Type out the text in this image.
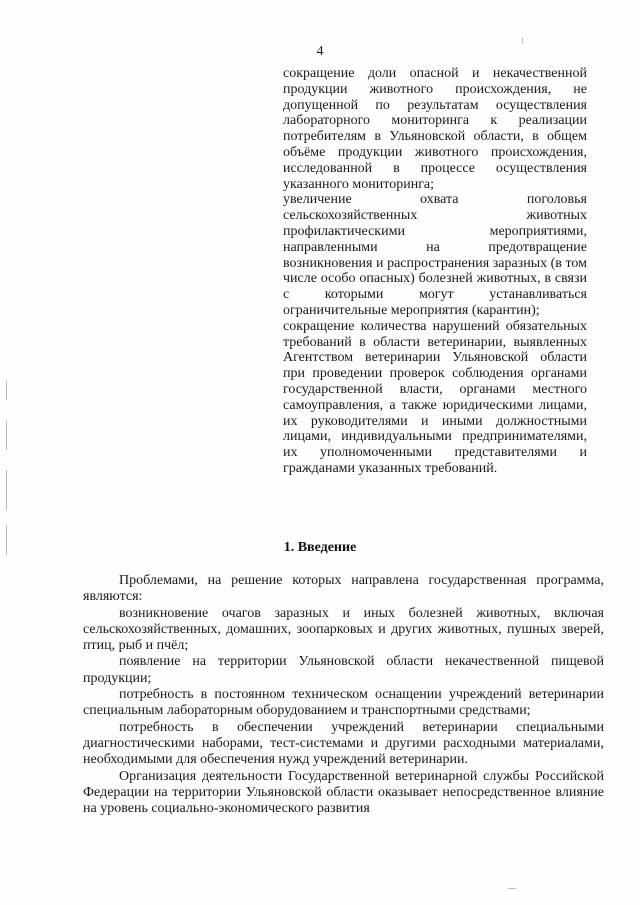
4

сокращение доли опасной и некачественной продукции животного происхождения, не допущенной по результатам осуществления лабораторного мониторинга к реализации потребителям в Ульяновской области, в общем объёме продукции животного происхождения, исследованной в процессе осуществления указанного мониторинга;

увеличение охвата поголовья сельскохозяйственных животных профилактическими мероприятиями, направленными на предотвращение возникновения и распространения заразных (в том числе особо опасных) болезней животных, в связи с которыми могут устанавливаться ограничительные мероприятия (карантин);

сокращение количества нарушений обязательных требований в области ветеринарии, выявленных Агентством ветеринарии Ульяновской области при проведении проверок соблюдения органами государственной власти, органами местного самоуправления, а также юридическими лицами, их руководителями и иными должностными лицами, индивидуальными предпринимателями, их уполномоченными представителями и гражданами указанных требований.

1. Введение

Проблемами, на решение которых направлена государственная программа, являются:

возникновение очагов заразных и иных болезней животных, включая сельскохозяйственных, домашних, зоопарковых и других животных, пушных зверей, птиц, рыб и пчёл;

появление на территории Ульяновской области некачественной пищевой продукции;

потребность в постоянном техническом оснащении учреждений ветеринарии специальным лабораторным оборудованием и транспортными средствами;

потребность в обеспечении учреждений ветеринарии специальными диагностическими наборами, тест-системами и другими расходными материалами, необходимыми для обеспечения нужд учреждений ветеринарии.

Организация деятельности Государственной ветеринарной службы Российской Федерации на территории Ульяновской области оказывает непосредственное влияние на уровень социально-экономического развития
